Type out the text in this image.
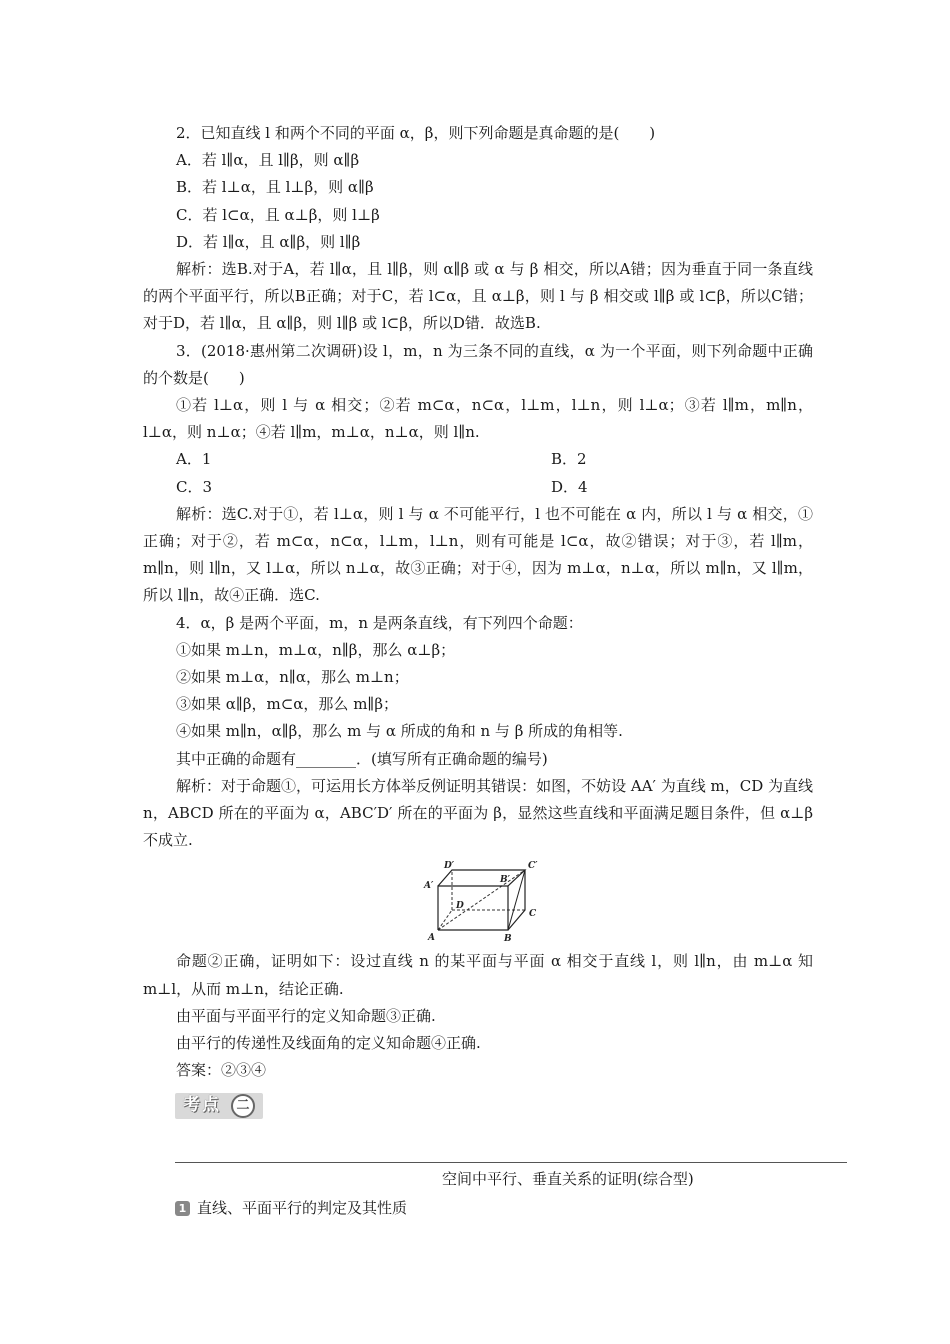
2．已知直线 l 和两个不同的平面 α，β，则下列命题是真命题的是(　　)

A．若 l∥α，且 l∥β，则 α∥β

B．若 l⊥α，且 l⊥β，则 α∥β

C．若 l⊂α，且 α⊥β，则 l⊥β

D．若 l∥α，且 α∥β，则 l∥β

解析：选B.对于A，若 l∥α，且 l∥β，则 α∥β 或 α 与 β 相交，所以A错；因为垂直于同一条直线的两个平面平行，所以B正确；对于C，若 l⊂α，且 α⊥β，则 l 与 β 相交或 l∥β 或 l⊂β，所以C错；对于D，若 l∥α，且 α∥β，则 l∥β 或 l⊂β，所以D错．故选B.

3．(2018·惠州第二次调研)设 l，m，n 为三条不同的直线，α 为一个平面，则下列命题中正确的个数是(　　)

①若 l⊥α，则 l 与 α 相交；②若 m⊂α，n⊂α，l⊥m，l⊥n，则 l⊥α；③若 l∥m，m∥n，l⊥α，则 n⊥α；④若 l∥m，m⊥α，n⊥α，则 l∥n.

A．1	B．2
C．3	D．4

解析：选C.对于①，若 l⊥α，则 l 与 α 不可能平行，l 也不可能在 α 内，所以 l 与 α 相交，①正确；对于②，若 m⊂α，n⊂α，l⊥m，l⊥n，则有可能是 l⊂α，故②错误；对于③，若 l∥m，m∥n，则 l∥n，又 l⊥α，所以 n⊥α，故③正确；对于④，因为 m⊥α，n⊥α，所以 m∥n，又 l∥m，所以 l∥n，故④正确．选C.

4．α，β 是两个平面，m，n 是两条直线，有下列四个命题：

①如果 m⊥n，m⊥α，n∥β，那么 α⊥β；

②如果 m⊥α，n∥α，那么 m⊥n；

③如果 α∥β，m⊂α，那么 m∥β；

④如果 m∥n，α∥β，那么 m 与 α 所成的角和 n 与 β 所成的角相等.

其中正确的命题有________．(填写所有正确命题的编号)

解析：对于命题①，可运用长方体举反例证明其错误：如图，不妨设 AA′ 为直线 m，CD 为直线 n，ABCD 所在的平面为 α，ABC′D′ 所在的平面为 β，显然这些直线和平面满足题目条件，但 α⊥β 不成立.

A′
D′
B′
C′
D
C
A	B

命题②正确，证明如下：设过直线 n 的某平面与平面 α 相交于直线 l，则 l∥n，由 m⊥α 知 m⊥l，从而 m⊥n，结论正确.

由平面与平面平行的定义知命题③正确.

由平行的传递性及线面角的定义知命题④正确.

答案：②③④

考点	二
空间中平行、垂直关系的证明(综合型)
1 直线、平面平行的判定及其性质
